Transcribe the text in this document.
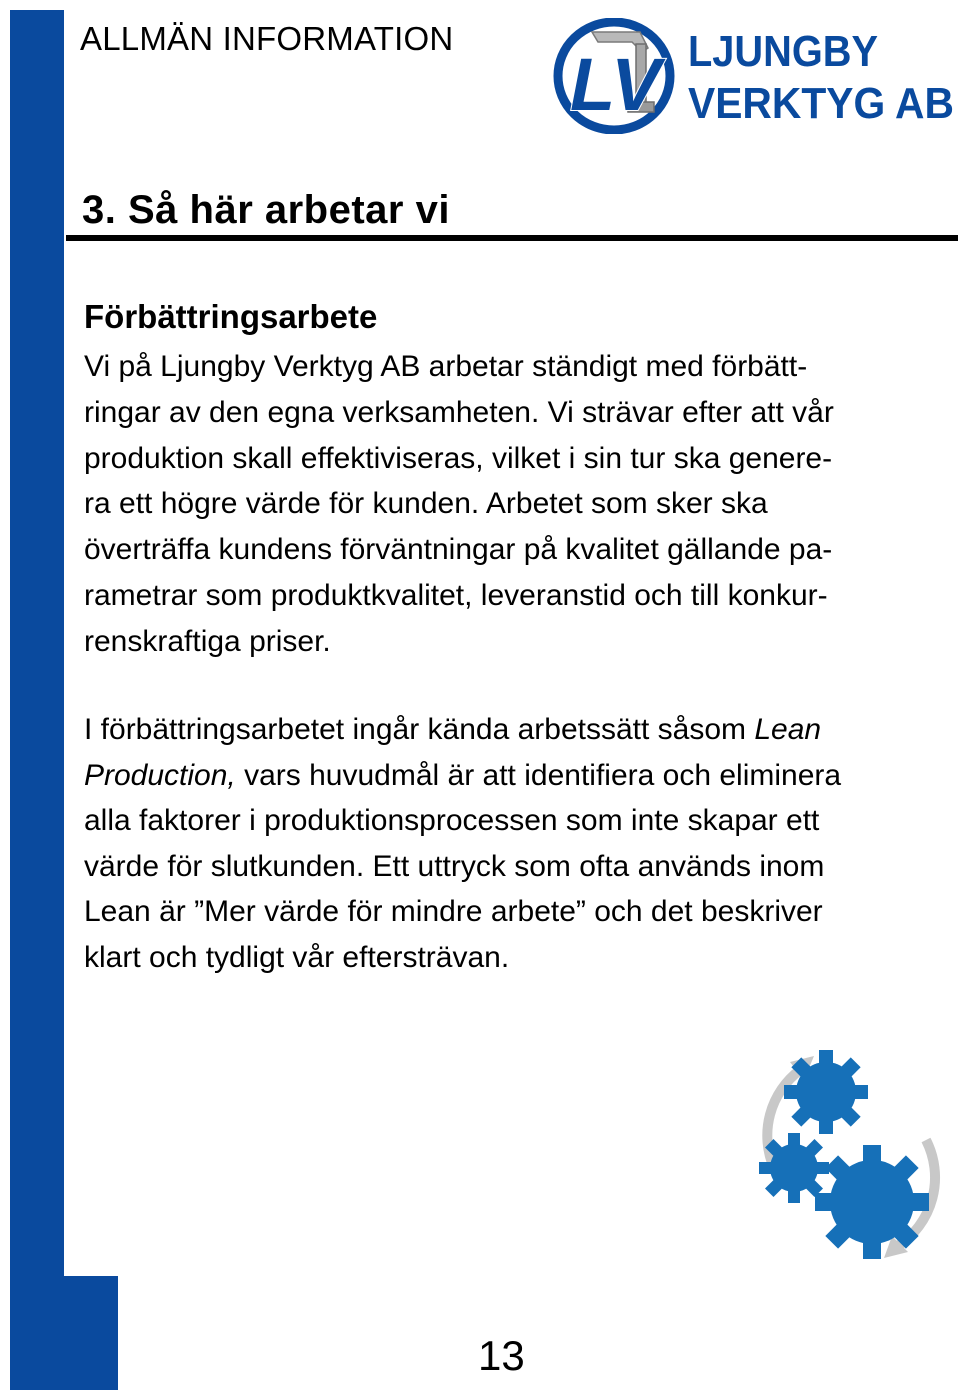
ALLMÄN INFORMATION
LV LJUNGBY
VERKTYG AB
3. Så här arbetar vi
Förbättringsarbete

Vi på Ljungby Verktyg AB arbetar ständigt med förbätt-
ringar av den egna verksamheten. Vi strävar efter att vår
produktion skall effektiviseras, vilket i sin tur ska genere-
ra ett högre värde för kunden. Arbetet som sker ska
överträffa kundens förväntningar på kvalitet gällande pa-
rametrar som produktkvalitet, leveranstid och till konkur-
renskraftiga priser.

I förbättringsarbetet ingår kända arbetssätt såsom Lean
Production, vars huvudmål är att identifiera och eliminera
alla faktorer i produktionsprocessen som inte skapar ett
värde för slutkunden. Ett uttryck som ofta används inom
Lean är ”Mer värde för mindre arbete” och det beskriver
klart och tydligt vår eftersträvan.

13
